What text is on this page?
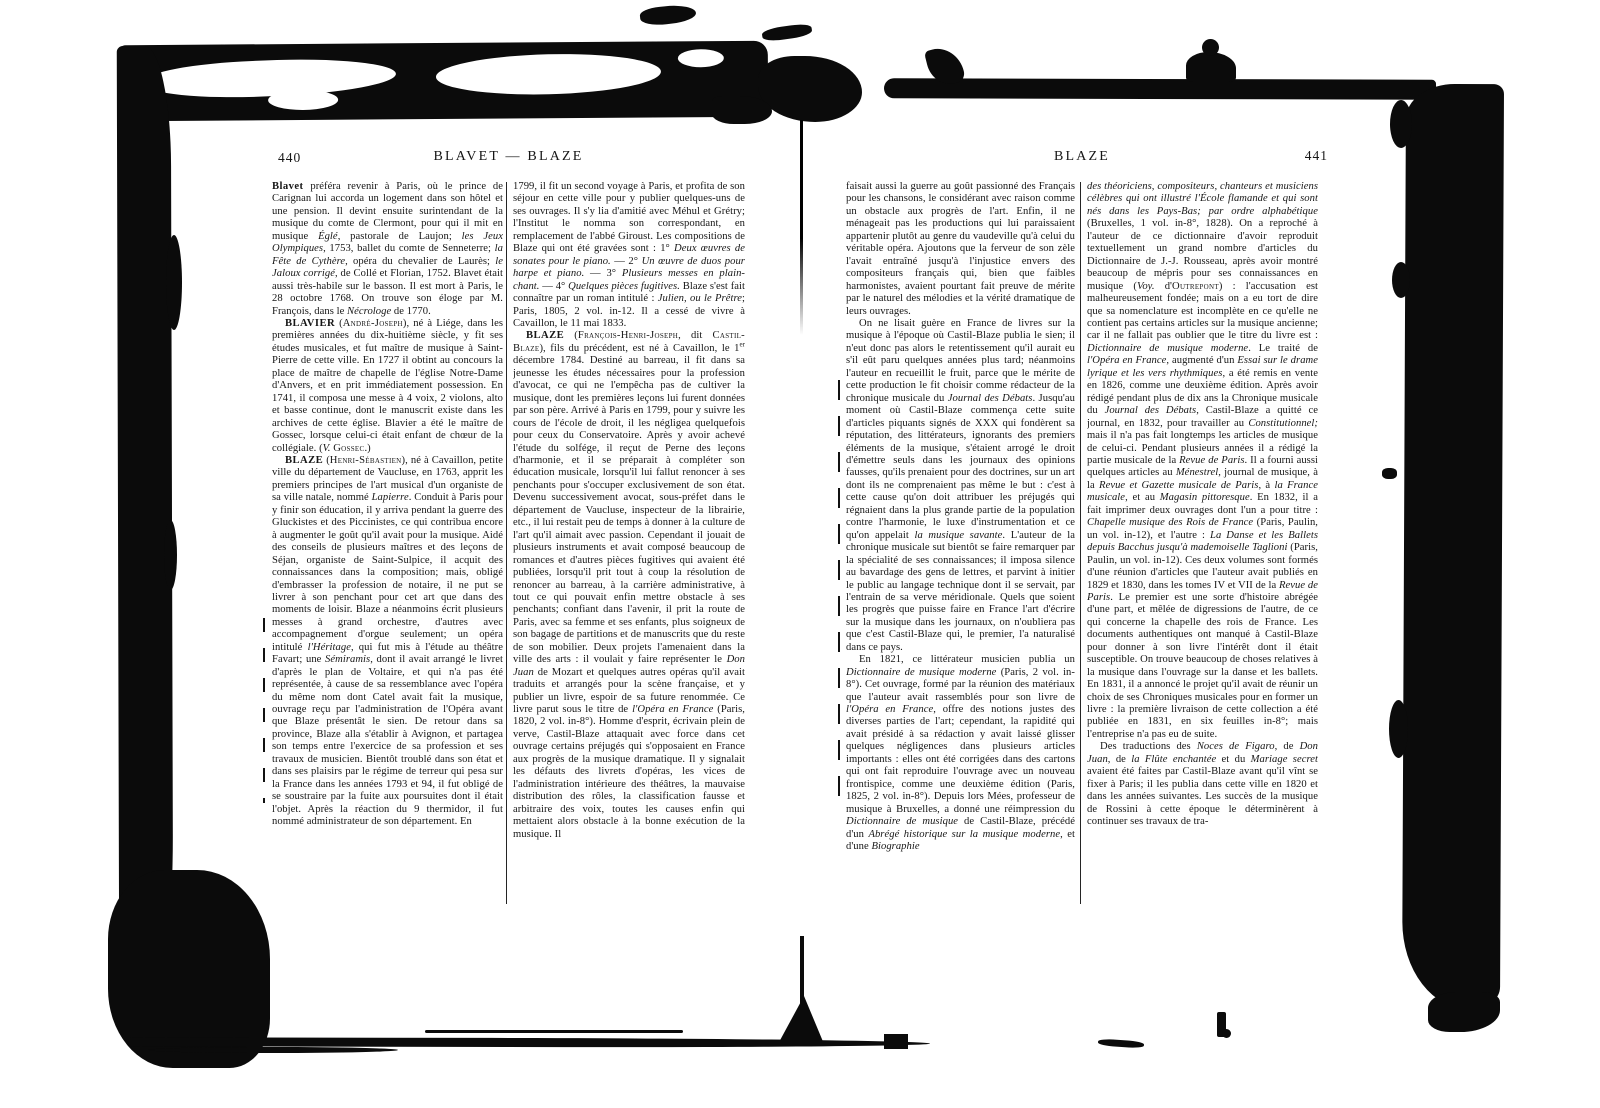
440	BLAVET — BLAZE

Blavet préféra revenir à Paris, où le prince de Carignan lui accorda un logement dans son hôtel et une pension. Il devint ensuite surintendant de la musique du comte de Clermont, pour qui il mit en musique Églé, pastorale de Laujon; les Jeux Olympiques, 1753, ballet du comte de Senneterre; la Fête de Cythère, opéra du chevalier de Laurès; le Jaloux corrigé, de Collé et Florian, 1752. Blavet était aussi très-habile sur le basson. Il est mort à Paris, le 28 octobre 1768. On trouve son éloge par M. François, dans le Nécrologe de 1770.

BLAVIER (André-Joseph), né à Liége, dans les premières années du dix-huitième siècle, y fit ses études musicales, et fut maître de musique à Saint-Pierre de cette ville. En 1727 il obtint au concours la place de maître de chapelle de l'église Notre-Dame d'Anvers, et en prit immédiatement possession. En 1741, il composa une messe à 4 voix, 2 violons, alto et basse continue, dont le manuscrit existe dans les archives de cette église. Blavier a été le maître de Gossec, lorsque celui-ci était enfant de chœur de la collégiale. (V. Gossec.)

BLAZE (Henri-Sébastien), né à Cavaillon, petite ville du département de Vaucluse, en 1763, apprit les premiers principes de l'art musical d'un organiste de sa ville natale, nommé Lapierre. Conduit à Paris pour y finir son éducation, il y arriva pendant la guerre des Gluckistes et des Piccinistes, ce qui contribua encore à augmenter le goût qu'il avait pour la musique. Aidé des conseils de plusieurs maîtres et des leçons de Séjan, organiste de Saint-Sulpice, il acquit des connaissances dans la composition; mais, obligé d'embrasser la profession de notaire, il ne put se livrer à son penchant pour cet art que dans des moments de loisir. Blaze a néanmoins écrit plusieurs messes à grand orchestre, d'autres avec accompagnement d'orgue seulement; un opéra intitulé l'Héritage, qui fut mis à l'étude au théâtre Favart; une Sémiramis, dont il avait arrangé le livret d'après le plan de Voltaire, et qui n'a pas été représentée, à cause de sa ressemblance avec l'opéra du même nom dont Catel avait fait la musique, ouvrage reçu par l'administration de l'Opéra avant que Blaze présentât le sien. De retour dans sa province, Blaze alla s'établir à Avignon, et partagea son temps entre l'exercice de sa profession et ses travaux de musicien. Bientôt troublé dans son état et dans ses plaisirs par le régime de terreur qui pesa sur la France dans les années 1793 et 94, il fut obligé de se soustraire par la fuite aux poursuites dont il était l'objet. Après la réaction du 9 thermidor, il fut nommé administrateur de son département. En

1799, il fit un second voyage à Paris, et profita de son séjour en cette ville pour y publier quelques-uns de ses ouvrages. Il s'y lia d'amitié avec Méhul et Grétry; l'Institut le nomma son correspondant, en remplacement de l'abbé Giroust. Les compositions de Blaze qui ont été gravées sont : 1° Deux œuvres de sonates pour le piano. — 2° Un œuvre de duos pour harpe et piano. — 3° Plusieurs messes en plain-chant. — 4° Quelques pièces fugitives. Blaze s'est fait connaître par un roman intitulé : Julien, ou le Prêtre; Paris, 1805, 2 vol. in-12. Il a cessé de vivre à Cavaillon, le 11 mai 1833.

BLAZE (François-Henri-Joseph, dit Castil-Blaze), fils du précédent, est né à Cavaillon, le 1er décembre 1784. Destiné au barreau, il fit dans sa jeunesse les études nécessaires pour la profession d'avocat, ce qui ne l'empêcha pas de cultiver la musique, dont les premières leçons lui furent données par son père. Arrivé à Paris en 1799, pour y suivre les cours de l'école de droit, il les négligea quelquefois pour ceux du Conservatoire. Après y avoir achevé l'étude du solfége, il reçut de Perne des leçons d'harmonie, et il se préparait à compléter son éducation musicale, lorsqu'il lui fallut renoncer à ses penchants pour s'occuper exclusivement de son état. Devenu successivement avocat, sous-préfet dans le département de Vaucluse, inspecteur de la librairie, etc., il lui restait peu de temps à donner à la culture de l'art qu'il aimait avec passion. Cependant il jouait de plusieurs instruments et avait composé beaucoup de romances et d'autres pièces fugitives qui avaient été publiées, lorsqu'il prit tout à coup la résolution de renoncer au barreau, à la carrière administrative, à tout ce qui pouvait enfin mettre obstacle à ses penchants; confiant dans l'avenir, il prit la route de Paris, avec sa femme et ses enfants, plus soigneux de son bagage de partitions et de manuscrits que du reste de son mobilier. Deux projets l'amenaient dans la ville des arts : il voulait y faire représenter le Don Juan de Mozart et quelques autres opéras qu'il avait traduits et arrangés pour la scène française, et y publier un livre, espoir de sa future renommée. Ce livre parut sous le titre de l'Opéra en France (Paris, 1820, 2 vol. in-8°). Homme d'esprit, écrivain plein de verve, Castil-Blaze attaquait avec force dans cet ouvrage certains préjugés qui s'opposaient en France aux progrès de la musique dramatique. Il y signalait les défauts des livrets d'opéras, les vices de l'administration intérieure des théâtres, la mauvaise distribution des rôles, la classification fausse et arbitraire des voix, toutes les causes enfin qui mettaient alors obstacle à la bonne exécution de la musique. Il

BLAZE	441

faisait aussi la guerre au goût passionné des Français pour les chansons, le considérant avec raison comme un obstacle aux progrès de l'art. Enfin, il ne ménageait pas les productions qui lui paraissaient appartenir plutôt au genre du vaudeville qu'à celui du véritable opéra. Ajoutons que la ferveur de son zèle l'avait entraîné jusqu'à l'injustice envers des compositeurs français qui, bien que faibles harmonistes, avaient pourtant fait preuve de mérite par le naturel des mélodies et la vérité dramatique de leurs ouvrages.

On ne lisait guère en France de livres sur la musique à l'époque où Castil-Blaze publia le sien; il n'eut donc pas alors le retentissement qu'il aurait eu s'il eût paru quelques années plus tard; néanmoins l'auteur en recueillit le fruit, parce que le mérite de cette production le fit choisir comme rédacteur de la chronique musicale du Journal des Débats. Jusqu'au moment où Castil-Blaze commença cette suite d'articles piquants signés de XXX qui fondèrent sa réputation, des littérateurs, ignorants des premiers éléments de la musique, s'étaient arrogé le droit d'émettre seuls dans les journaux des opinions fausses, qu'ils prenaient pour des doctrines, sur un art dont ils ne comprenaient pas même le but : c'est à cette cause qu'on doit attribuer les préjugés qui régnaient dans la plus grande partie de la population contre l'harmonie, le luxe d'instrumentation et ce qu'on appelait la musique savante. L'auteur de la chronique musicale sut bientôt se faire remarquer par la spécialité de ses connaissances; il imposa silence au bavardage des gens de lettres, et parvint à initier le public au langage technique dont il se servait, par l'entrain de sa verve méridionale. Quels que soient les progrès que puisse faire en France l'art d'écrire sur la musique dans les journaux, on n'oubliera pas que c'est Castil-Blaze qui, le premier, l'a naturalisé dans ce pays.

En 1821, ce littérateur musicien publia un Dictionnaire de musique moderne (Paris, 2 vol. in-8°). Cet ouvrage, formé par la réunion des matériaux que l'auteur avait rassemblés pour son livre de l'Opéra en France, offre des notions justes des diverses parties de l'art; cependant, la rapidité qui avait présidé à sa rédaction y avait laissé glisser quelques négligences dans plusieurs articles importants : elles ont été corrigées dans des cartons qui ont fait reproduire l'ouvrage avec un nouveau frontispice, comme une deuxième édition (Paris, 1825, 2 vol. in-8°). Depuis lors Mées, professeur de musique à Bruxelles, a donné une réimpression du Dictionnaire de musique de Castil-Blaze, précédé d'un Abrégé historique sur la musique moderne, et d'une Biographie

des théoriciens, compositeurs, chanteurs et musiciens célèbres qui ont illustré l'École flamande et qui sont nés dans les Pays-Bas; par ordre alphabétique (Bruxelles, 1 vol. in-8°, 1828). On a reproché à l'auteur de ce dictionnaire d'avoir reproduit textuellement un grand nombre d'articles du Dictionnaire de J.-J. Rousseau, après avoir montré beaucoup de mépris pour ses connaissances en musique (Voy. d'Outrepont) : l'accusation est malheureusement fondée; mais on a eu tort de dire que sa nomenclature est incomplète en ce qu'elle ne contient pas certains articles sur la musique ancienne; car il ne fallait pas oublier que le titre du livre est : Dictionnaire de musique moderne. Le traité de l'Opéra en France, augmenté d'un Essai sur le drame lyrique et les vers rhythmiques, a été remis en vente en 1826, comme une deuxième édition. Après avoir rédigé pendant plus de dix ans la Chronique musicale du Journal des Débats, Castil-Blaze a quitté ce journal, en 1832, pour travailler au Constitutionnel; mais il n'a pas fait longtemps les articles de musique de celui-ci. Pendant plusieurs années il a rédigé la partie musicale de la Revue de Paris. Il a fourni aussi quelques articles au Ménestrel, journal de musique, à la Revue et Gazette musicale de Paris, à la France musicale, et au Magasin pittoresque. En 1832, il a fait imprimer deux ouvrages dont l'un a pour titre : Chapelle musique des Rois de France (Paris, Paulin, un vol. in-12), et l'autre : La Danse et les Ballets depuis Bacchus jusqu'à mademoiselle Taglioni (Paris, Paulin, un vol. in-12). Ces deux volumes sont formés d'une réunion d'articles que l'auteur avait publiés en 1829 et 1830, dans les tomes IV et VII de la Revue de Paris. Le premier est une sorte d'histoire abrégée d'une part, et mêlée de digressions de l'autre, de ce qui concerne la chapelle des rois de France. Les documents authentiques ont manqué à Castil-Blaze pour donner à son livre l'intérêt dont il était susceptible. On trouve beaucoup de choses relatives à la musique dans l'ouvrage sur la danse et les ballets. En 1831, il a annoncé le projet qu'il avait de réunir un choix de ses Chroniques musicales pour en former un livre : la première livraison de cette collection a été publiée en 1831, en six feuilles in-8°; mais l'entreprise n'a pas eu de suite.

Des traductions des Noces de Figaro, de Don Juan, de la Flûte enchantée et du Mariage secret avaient été faites par Castil-Blaze avant qu'il vînt se fixer à Paris; il les publia dans cette ville en 1820 et dans les années suivantes. Les succès de la musique de Rossini à cette époque le déterminèrent à continuer ses travaux de tra-
